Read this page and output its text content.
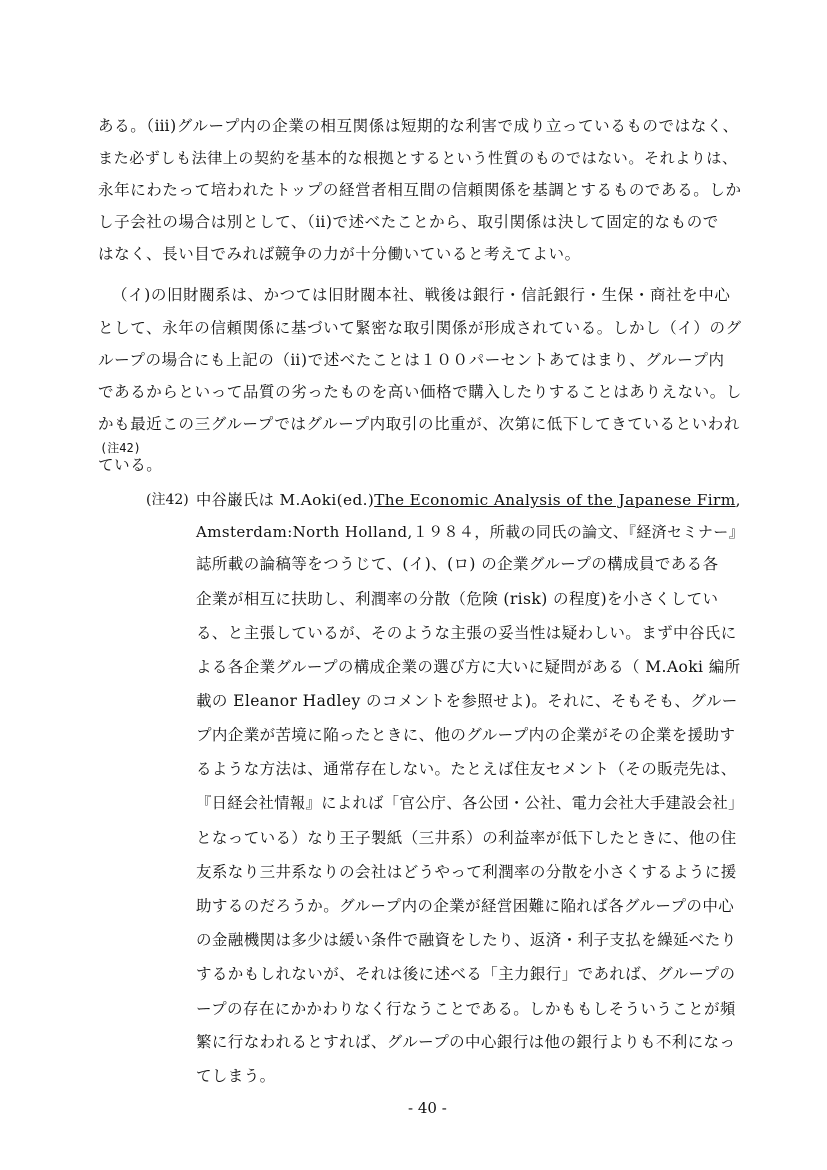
ある。（ⅲ)グループ内の企業の相互関係は短期的な利害で成り立っているものではなく、
また必ずしも法律上の契約を基本的な根拠とするという性質のものではない。それよりは、
永年にわたって培われたトップの経営者相互間の信頼関係を基調とするものである。しか
し子会社の場合は別として、（ⅱ)で述べたことから、取引関係は決して固定的なもので
はなく、長い目でみれば競争の力が十分働いていると考えてよい。
（イ)の旧財閥系は、かつては旧財閥本社、戦後は銀行・信託銀行・生保・商社を中心
として、永年の信頼関係に基づいて緊密な取引関係が形成されている。しかし（イ）のグ
ループの場合にも上記の（ⅱ)で述べたことは１００パーセントあてはまり、グループ内
であるからといって品質の劣ったものを高い価格で購入したりすることはありえない。し
かも最近この三グループではグループ内取引の比重が、次第に低下してきているといわれ
(注42)
ている。
(注42) 中谷巌氏は M.Aoki(ed.)The Economic Analysis of the Japanese Firm,
Amsterdam:North Holland,１９８４，所載の同氏の論文、『経済セミナー』
誌所載の論稿等をつうじて、(イ)、(ロ) の企業グループの構成員である各
企業が相互に扶助し、利潤率の分散（危険 (risk) の程度)を小さくしてい
る、と主張しているが、そのような主張の妥当性は疑わしい。まず中谷氏に
よる各企業グループの構成企業の選び方に大いに疑問がある（ M.Aoki 編所
載の Eleanor Hadley のコメントを参照せよ)。それに、そもそも、グルー
プ内企業が苦境に陥ったときに、他のグループ内の企業がその企業を援助す
るような方法は、通常存在しない。たとえば住友セメント（その販売先は、
『日経会社情報』によれば「官公庁、各公団・公社、電力会社大手建設会社」
となっている）なり王子製紙（三井系）の利益率が低下したときに、他の住
友系なり三井系なりの会社はどうやって利潤率の分散を小さくするように援
助するのだろうか。グループ内の企業が経営困難に陥れば各グループの中心
の金融機関は多少は緩い条件で融資をしたり、返済・利子支払を繰延べたり
するかもしれないが、それは後に述べる「主力銀行」であれば、グループの
ープの存在にかかわりなく行なうことである。しかももしそういうことが頻
繁に行なわれるとすれば、グループの中心銀行は他の銀行よりも不利になっ
てしまう。
- 40 -
